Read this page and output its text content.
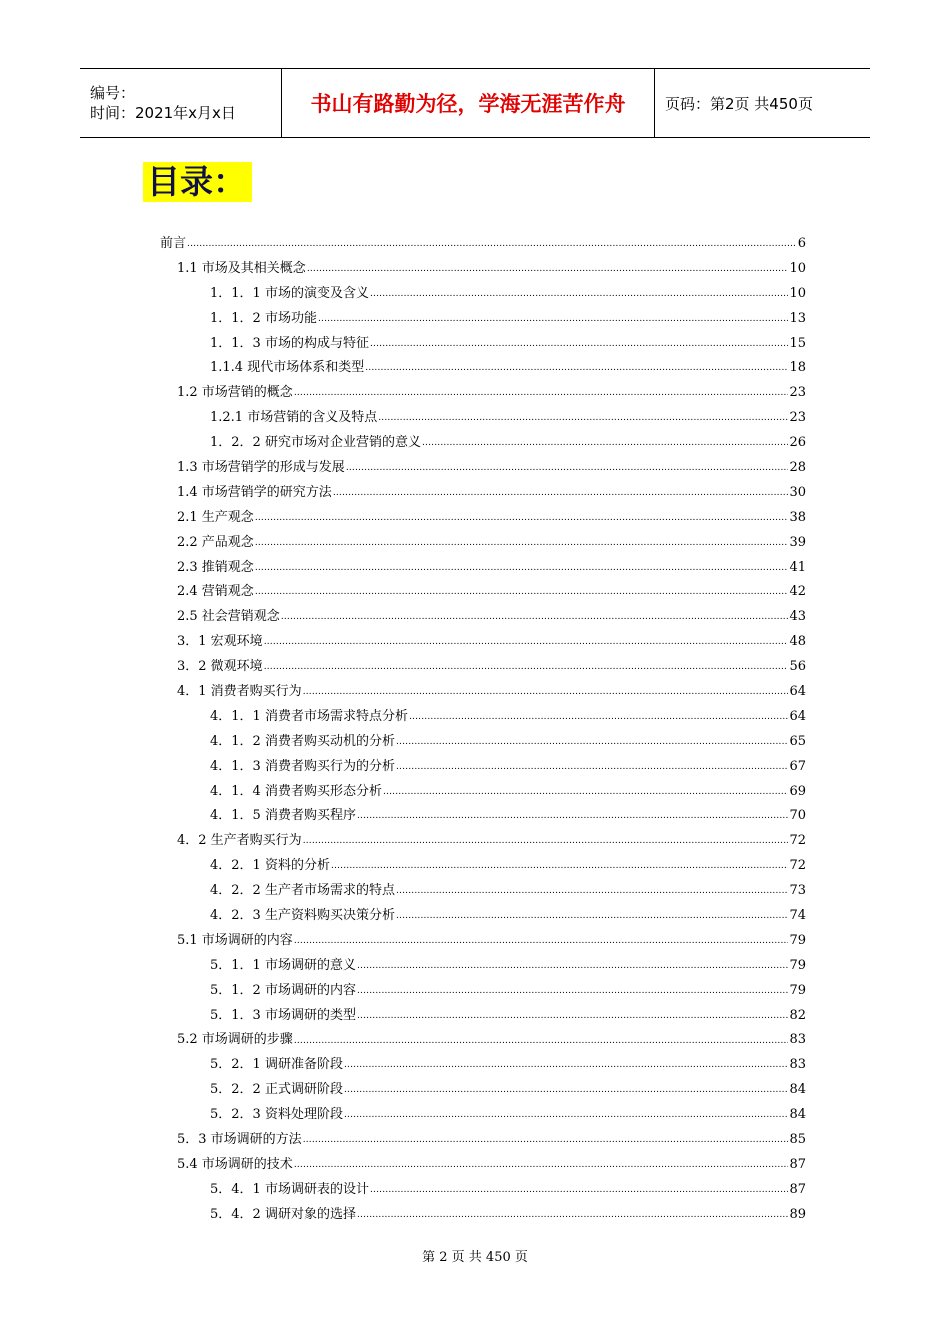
编号：
时间：2021年x月x日	书山有路勤为径，学海无涯苦作舟	页码：第2页 共450页
目录：
前言 .....	6
1.1 市场及其相关概念 .....	10
1．1．1 市场的演变及含义 .....	10
1．1．2 市场功能 .....	13
1．1．3 市场的构成与特征 .....	15
1.1.4 现代市场体系和类型 .....	18
1.2 市场营销的概念 .....	23
1.2.1 市场营销的含义及特点 .....	23
1．2．2 研究市场对企业营销的意义 .....	26
1.3 市场营销学的形成与发展 .....	28
1.4 市场营销学的研究方法 .....	30
2.1 生产观念 .....	38
2.2 产品观念 .....	39
2.3 推销观念 .....	41
2.4 营销观念 .....	42
2.5 社会营销观念 .....	43
3．1 宏观环境 .....	48
3．2 微观环境 .....	56
4．1 消费者购买行为 .....	64
4．1．1 消费者市场需求特点分析 .....	64
4．1．2 消费者购买动机的分析 .....	65
4．1．3 消费者购买行为的分析 .....	67
4．1．4 消费者购买形态分析 .....	69
4．1．5 消费者购买程序 .....	70
4．2 生产者购买行为 .....	72
4．2．1 资料的分析 .....	72
4．2．2 生产者市场需求的特点 .....	73
4．2．3 生产资料购买决策分析 .....	74
5.1 市场调研的内容 .....	79
5．1．1 市场调研的意义 .....	79
5．1．2 市场调研的内容 .....	79
5．1．3 市场调研的类型 .....	82
5.2 市场调研的步骤 .....	83
5．2．1 调研准备阶段 .....	83
5．2．2 正式调研阶段 .....	84
5．2．3 资料处理阶段 .....	84
5．3 市场调研的方法 .....	85
5.4 市场调研的技术 .....	87
5．4．1 市场调研表的设计 .....	87
5．4．2 调研对象的选择 .....	89
第 2 页 共 450 页
